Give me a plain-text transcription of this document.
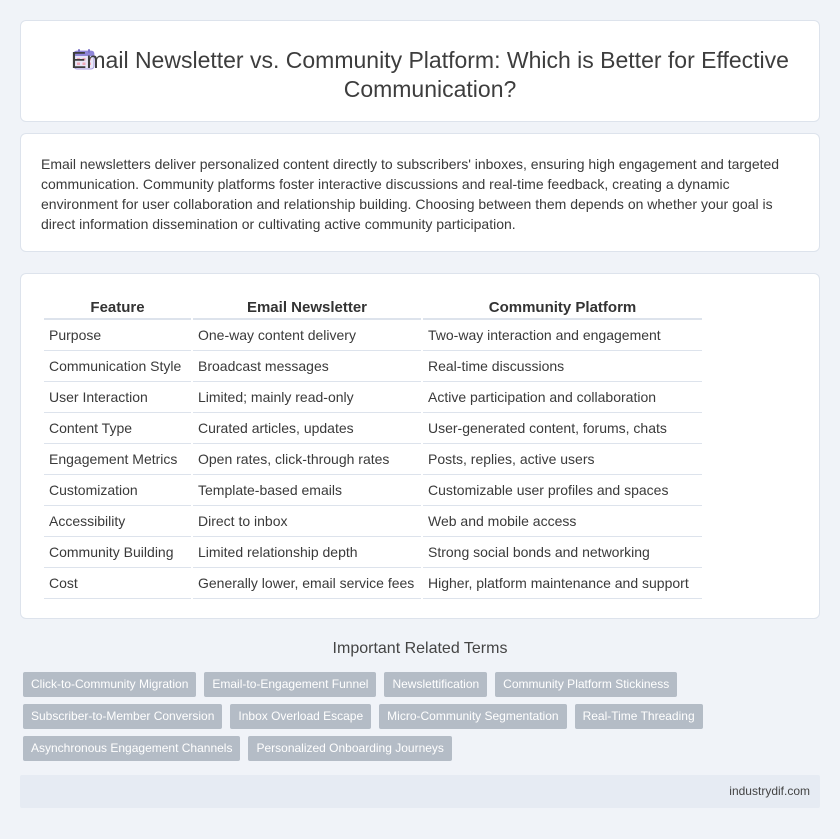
Email Newsletter vs. Community Platform: Which is Better for Effective Communication?

Email newsletters deliver personalized content directly to subscribers' inboxes, ensuring high engagement and targeted communication. Community platforms foster interactive discussions and real-time feedback, creating a dynamic environment for user collaboration and relationship building. Choosing between them depends on whether your goal is direct information dissemination or cultivating active community participation.

Feature	Email Newsletter	Community Platform
Purpose	One-way content delivery	Two-way interaction and engagement
Communication Style	Broadcast messages	Real-time discussions
User Interaction	Limited; mainly read-only	Active participation and collaboration
Content Type	Curated articles, updates	User-generated content, forums, chats
Engagement Metrics	Open rates, click-through rates	Posts, replies, active users
Customization	Template-based emails	Customizable user profiles and spaces
Accessibility	Direct to inbox	Web and mobile access
Community Building	Limited relationship depth	Strong social bonds and networking
Cost	Generally lower, email service fees	Higher, platform maintenance and support
Important Related Terms
Click-to-Community Migration	Email-to-Engagement Funnel	Newslettification	Community Platform Stickiness
Subscriber-to-Member Conversion	Inbox Overload Escape	Micro-Community Segmentation	Real-Time Threading
Asynchronous Engagement Channels	Personalized Onboarding Journeys
industrydif.com
